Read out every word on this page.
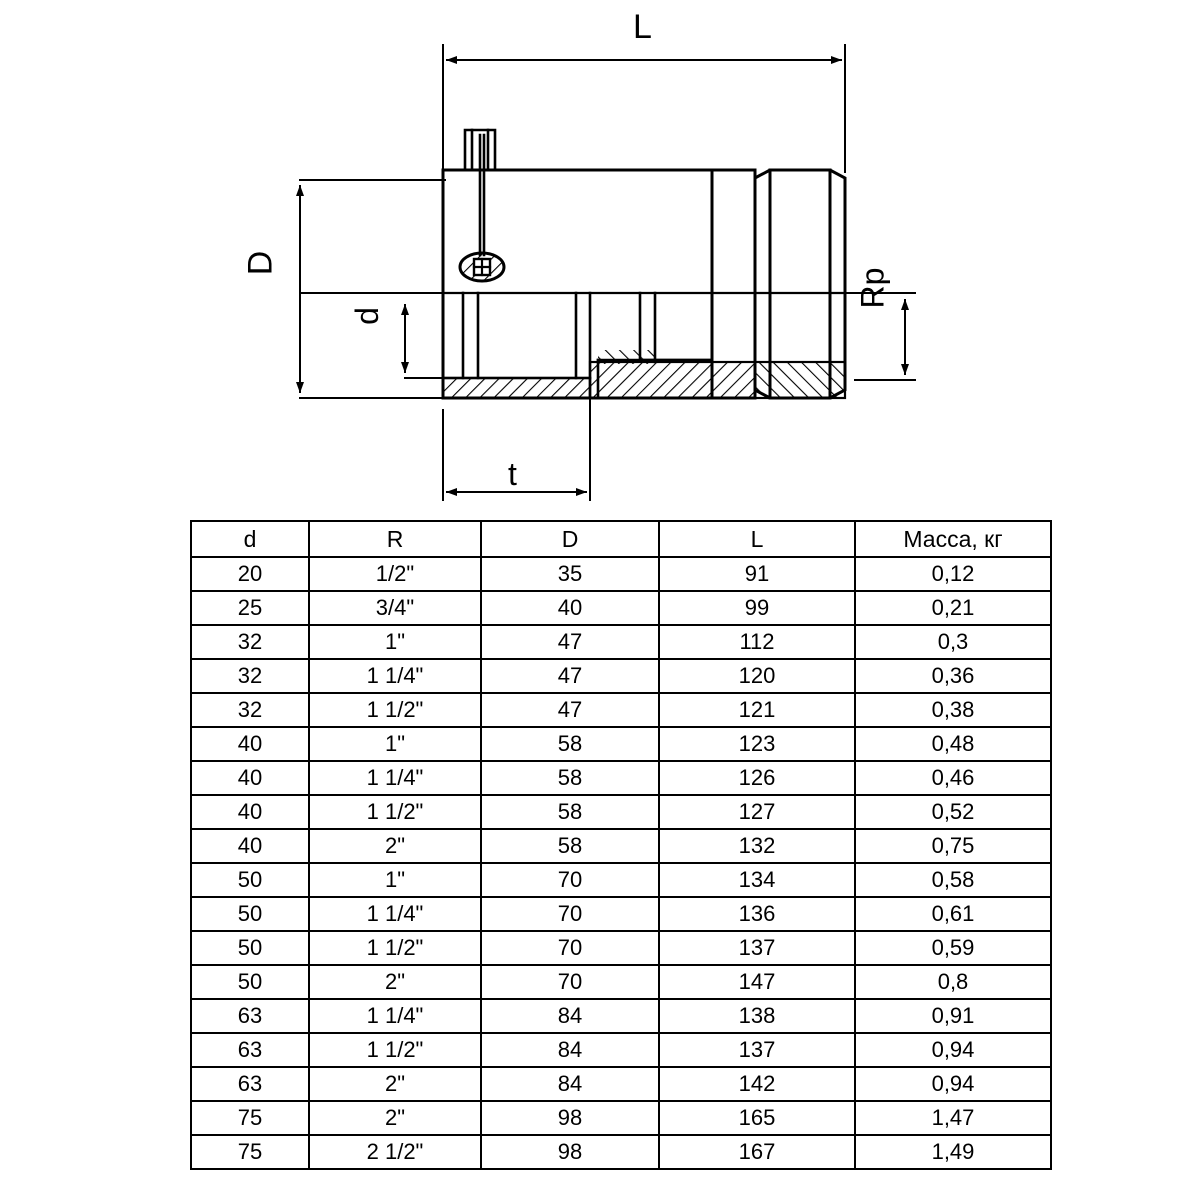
L
D
d
Rp
t
d	R	D	L	Масса, кг
20	1/2"	35	91	0,12
25	3/4"	40	99	0,21
32	1"	47	112	0,3
32	1 1/4"	47	120	0,36
32	1 1/2"	47	121	0,38
40	1"	58	123	0,48
40	1 1/4"	58	126	0,46
40	1 1/2"	58	127	0,52
40	2"	58	132	0,75
50	1"	70	134	0,58
50	1 1/4"	70	136	0,61
50	1 1/2"	70	137	0,59
50	2"	70	147	0,8
63	1 1/4"	84	138	0,91
63	1 1/2"	84	137	0,94
63	2"	84	142	0,94
75	2"	98	165	1,47
75	2 1/2"	98	167	1,49
